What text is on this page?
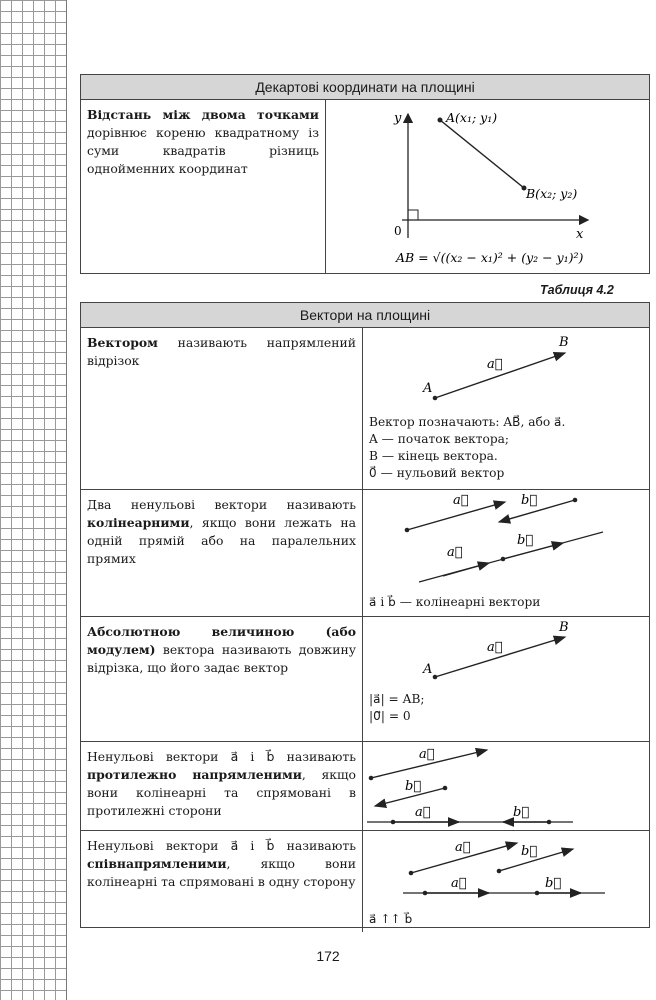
Декартові координати на площині
Відстань між двома точками дорівнює кореню квадратному із суми квадратів різниць однойменних координат
y
x
0
A(x₁; y₁)
B(x₂; y₂)
AB = √((x₂ − x₁)² + (y₂ − y₁)²)
Таблиця 4.2
Вектори на площині
Вектором називають напрямлений відрізок
A
B
a⃗
Вектор позначають: AB⃗, або a⃗.
A — початок вектора;
B — кінець вектора.
0⃗ — нульовий вектор
Два ненульові вектори називають колінеарними, якщо вони лежать на одній прямій або на паралельних прямих
a⃗	b⃗
a⃗
b⃗
a⃗ і b⃗ — колінеарні вектори
Абсолютною величиною (або модулем) вектора називають довжину відрізка, що його задає вектор	A
B
a⃗
|a⃗| = AB;
|0⃗| = 0
Ненульові вектори a⃗ і b⃗ називають протилежно напрямленими, якщо вони колінеарні та спрямовані в протилежні сторони
a⃗
b⃗
a⃗	b⃗
Ненульові вектори a⃗ і b⃗ називають співнапрямленими, якщо вони колінеарні та спрямовані в одну сторону
a⃗	b⃗
a⃗	b⃗
a⃗ ↑↑ b⃗
172
